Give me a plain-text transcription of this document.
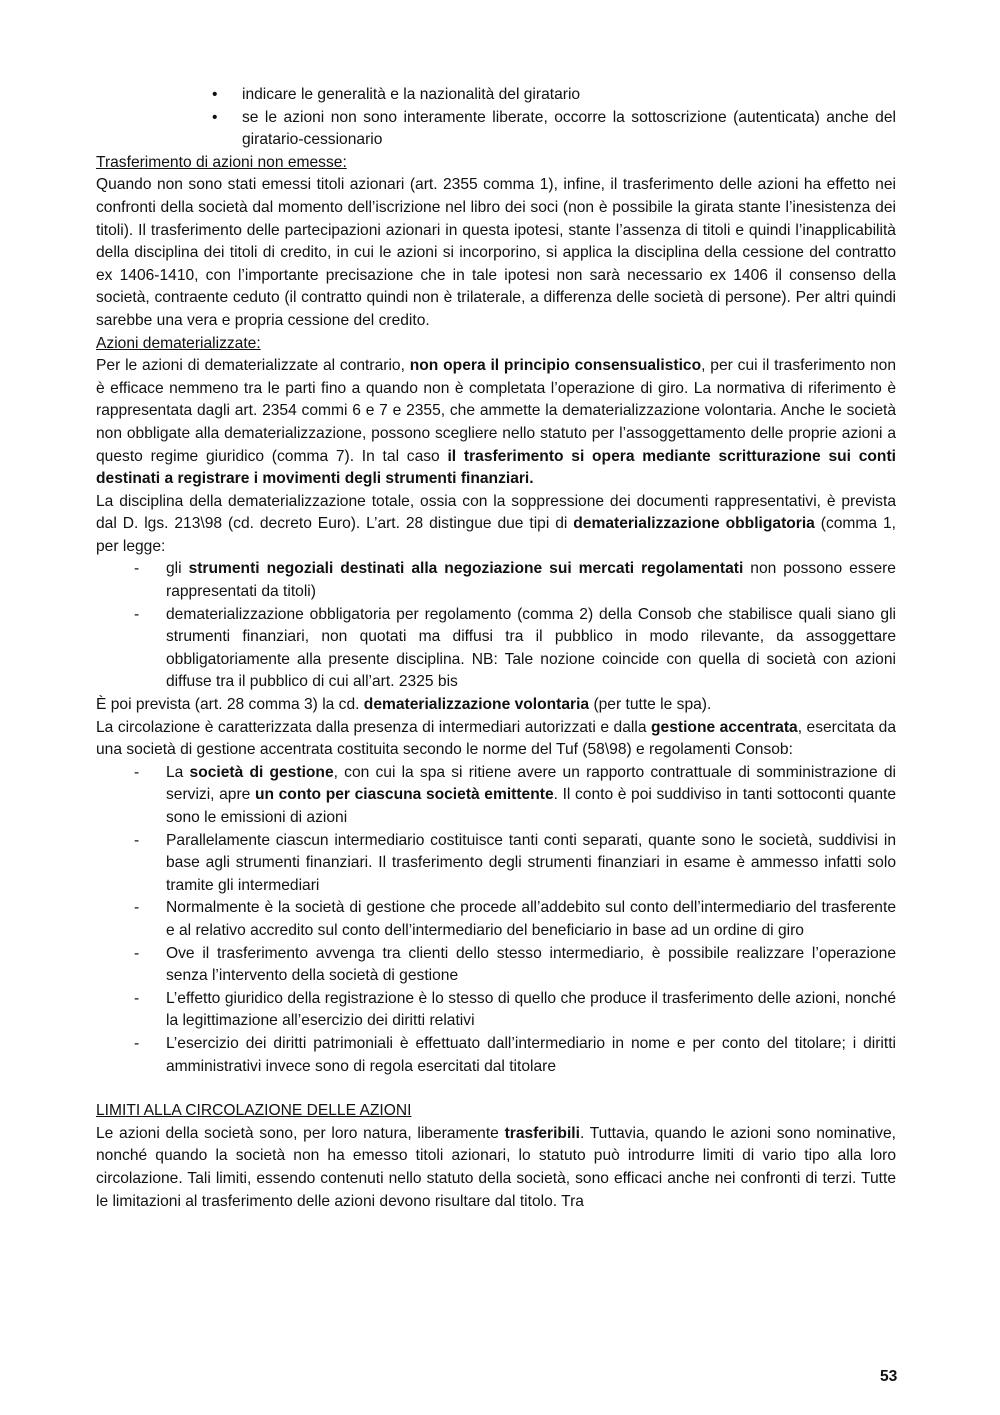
• indicare le generalità e la nazionalità del giratario
• se le azioni non sono interamente liberate, occorre la sottoscrizione (autenticata) anche del giratario-cessionario

Trasferimento di azioni non emesse:

Quando non sono stati emessi titoli azionari (art. 2355 comma 1), infine, il trasferimento delle azioni ha effetto nei confronti della società dal momento dell’iscrizione nel libro dei soci (non è possibile la girata stante l’inesistenza dei titoli). Il trasferimento delle partecipazioni azionari in questa ipotesi, stante l’assenza di titoli e quindi l’inapplicabilità della disciplina dei titoli di credito, in cui le azioni si incorporino, si applica la disciplina della cessione del contratto ex 1406-1410, con l’importante precisazione che in tale ipotesi non sarà necessario ex 1406 il consenso della società, contraente ceduto (il contratto quindi non è trilaterale, a differenza delle società di persone). Per altri quindi sarebbe una vera e propria cessione del credito.

Azioni dematerializzate:

Per le azioni di dematerializzate al contrario, non opera il principio consensualistico, per cui il trasferimento non è efficace nemmeno tra le parti fino a quando non è completata l’operazione di giro. La normativa di riferimento è rappresentata dagli art. 2354 commi 6 e 7 e 2355, che ammette la dematerializzazione volontaria. Anche le società non obbligate alla dematerializzazione, possono scegliere nello statuto per l’assoggettamento delle proprie azioni a questo regime giuridico (comma 7). In tal caso il trasferimento si opera mediante scritturazione sui conti destinati a registrare i movimenti degli strumenti finanziari.

La disciplina della dematerializzazione totale, ossia con la soppressione dei documenti rappresentativi, è prevista dal D. lgs. 213\98 (cd. decreto Euro). L’art. 28 distingue due tipi di dematerializzazione obbligatoria (comma 1, per legge:

- gli strumenti negoziali destinati alla negoziazione sui mercati regolamentati non possono essere rappresentati da titoli)
- dematerializzazione obbligatoria per regolamento (comma 2) della Consob che stabilisce quali siano gli strumenti finanziari, non quotati ma diffusi tra il pubblico in modo rilevante, da assoggettare obbligatoriamente alla presente disciplina. NB: Tale nozione coincide con quella di società con azioni diffuse tra il pubblico di cui all’art. 2325 bis

È poi prevista (art. 28 comma 3) la cd. dematerializzazione volontaria (per tutte le spa).

La circolazione è caratterizzata dalla presenza di intermediari autorizzati e dalla gestione accentrata, esercitata da una società di gestione accentrata costituita secondo le norme del Tuf (58\98) e regolamenti Consob:

- La società di gestione, con cui la spa si ritiene avere un rapporto contrattuale di somministrazione di servizi, apre un conto per ciascuna società emittente. Il conto è poi suddiviso in tanti sottoconti quante sono le emissioni di azioni
- Parallelamente ciascun intermediario costituisce tanti conti separati, quante sono le società, suddivisi in base agli strumenti finanziari. Il trasferimento degli strumenti finanziari in esame è ammesso infatti solo tramite gli intermediari
- Normalmente è la società di gestione che procede all’addebito sul conto dell’intermediario del trasferente e al relativo accredito sul conto dell’intermediario del beneficiario in base ad un ordine di giro
- Ove il trasferimento avvenga tra clienti dello stesso intermediario, è possibile realizzare l’operazione senza l’intervento della società di gestione
- L’effetto giuridico della registrazione è lo stesso di quello che produce il trasferimento delle azioni, nonché la legittimazione all’esercizio dei diritti relativi
- L’esercizio dei diritti patrimoniali è effettuato dall’intermediario in nome e per conto del titolare; i diritti amministrativi invece sono di regola esercitati dal titolare

LIMITI ALLA CIRCOLAZIONE DELLE AZIONI

Le azioni della società sono, per loro natura, liberamente trasferibili. Tuttavia, quando le azioni sono nominative, nonché quando la società non ha emesso titoli azionari, lo statuto può introdurre limiti di vario tipo alla loro circolazione. Tali limiti, essendo contenuti nello statuto della società, sono efficaci anche nei confronti di terzi. Tutte le limitazioni al trasferimento delle azioni devono risultare dal titolo. Tra

53
